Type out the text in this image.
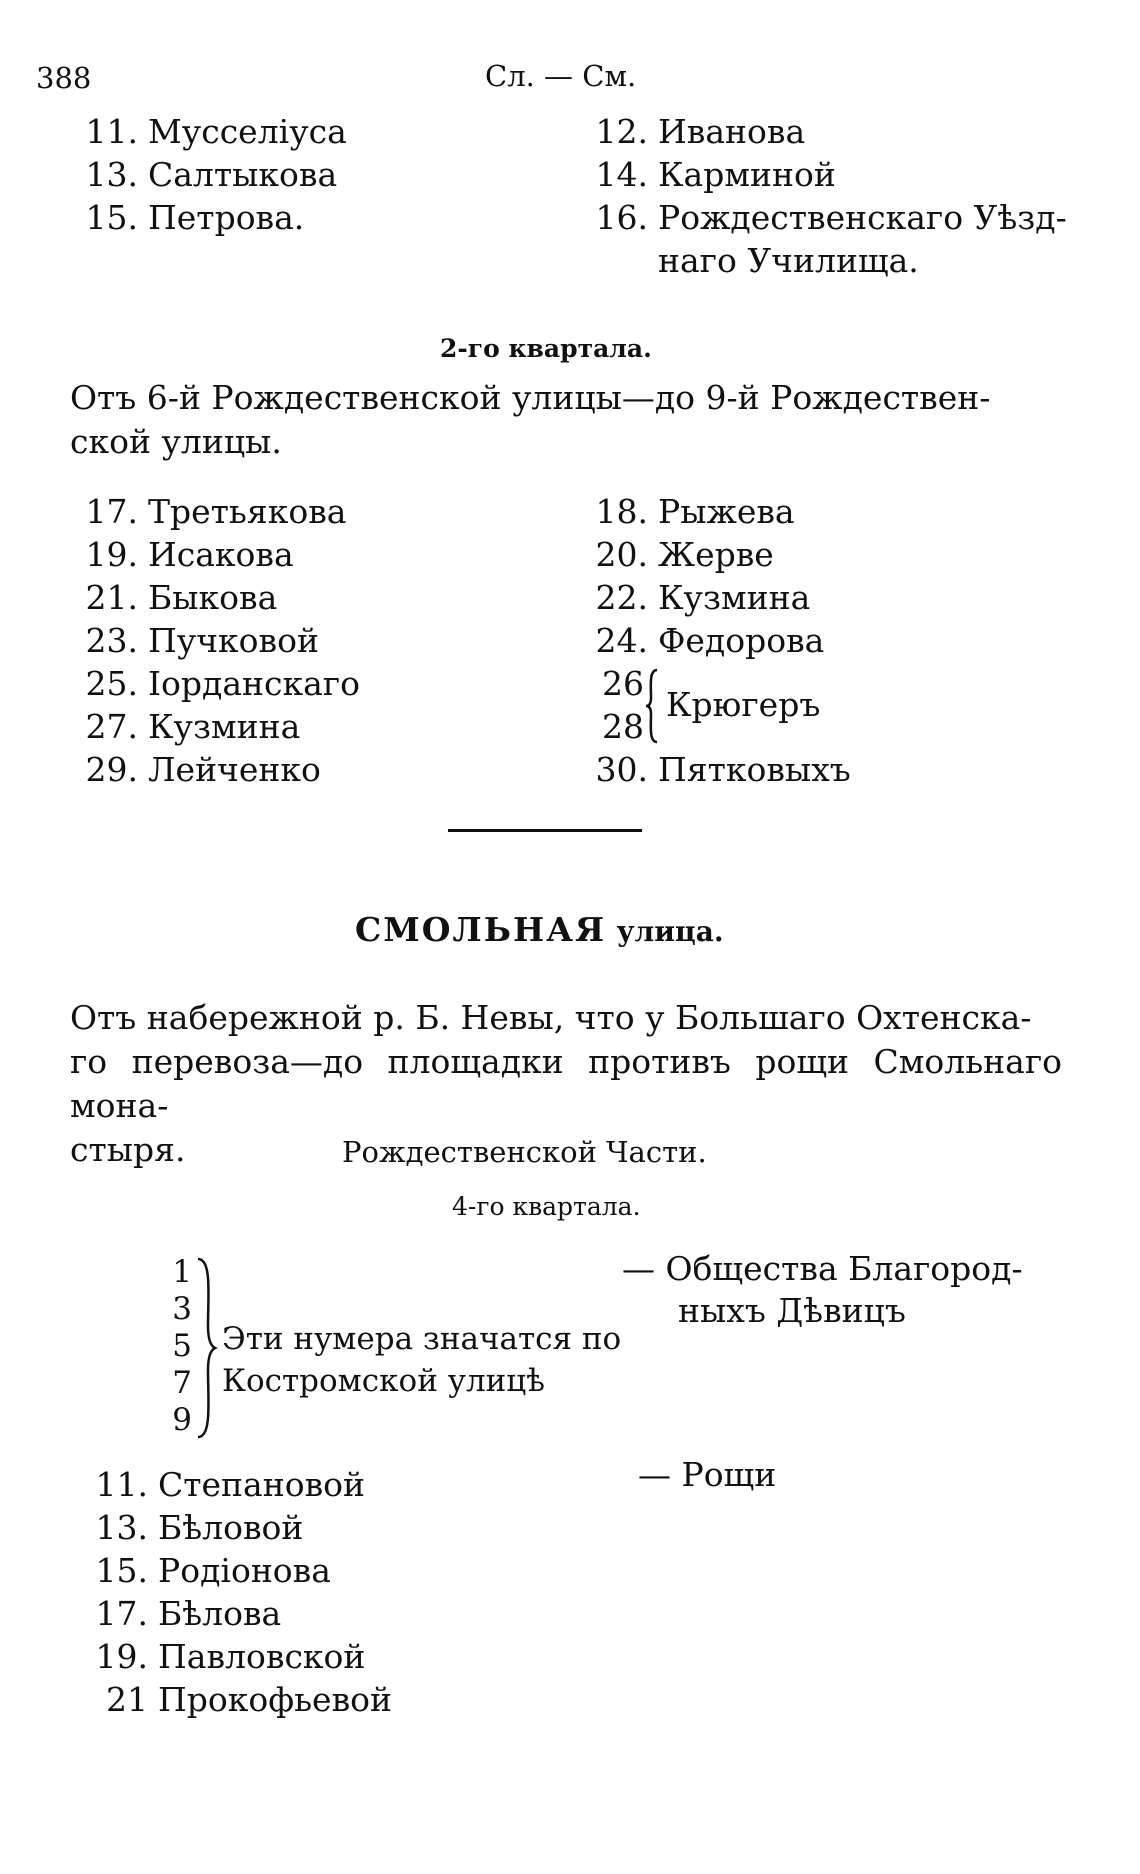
388	Сл. — См.
11. Мусселіуса
13. Салтыкова
15. Петрова.
12. Иванова
14. Карминой
16. Рождественскаго Уѣзд-
наго Училища.
2-го квартала.
Отъ 6-й Рождественской улицы—до 9-й Рождествен-
ской улицы.
17. Третьякова
19. Исакова
21. Быкова
23. Пучковой
25. Іорданскаго
27. Кузмина
29. Лейченко
18. Рыжева
20. Жерве
22. Кузмина
24. Федорова
26
28
Крюгеръ
30. Пятковыхъ
СМОЛЬНАЯ улица.
Отъ набережной р. Б. Невы, что у Большаго Охтенска-
го перевоза—до площадки противъ рощи Смольнаго мона-
стыря.	Рождественской Части.
4-го квартала.
1
3
5
7
9
Эти нумера значатся по
Костромской улицѣ
— Общества Благород-
ныхъ Дѣвицъ
— Рощи
11. Степановой
13. Бѣловой
15. Родіонова
17. Бѣлова
19. Павловской
21 Прокофьевой
